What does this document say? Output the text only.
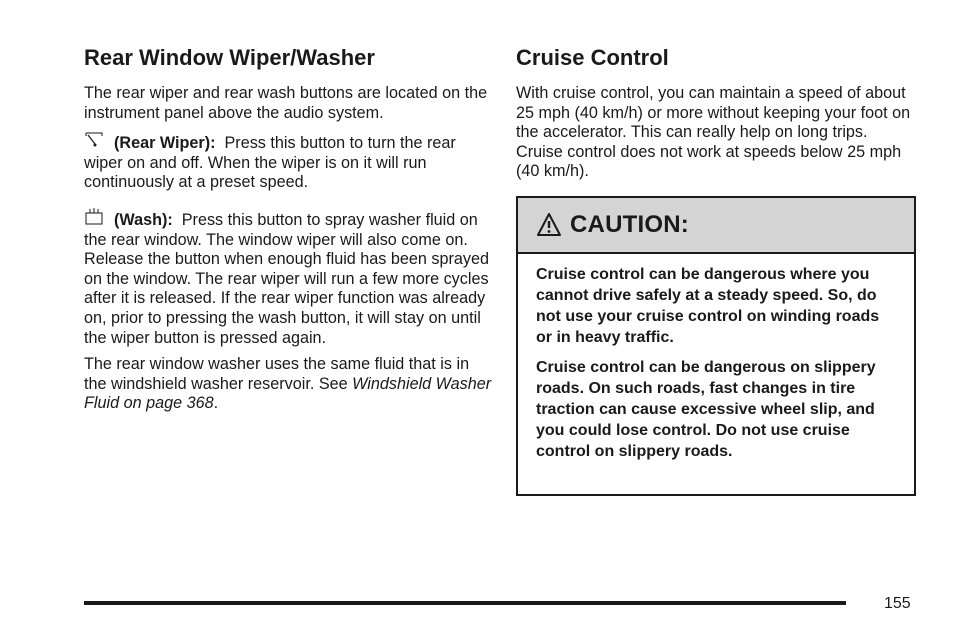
Rear Window Wiper/Washer

The rear wiper and rear wash buttons are located on the instrument panel above the audio system.

(Rear Wiper): Press this button to turn the rear wiper on and off. When the wiper is on it will run continuously at a preset speed.

(Wash): Press this button to spray washer fluid on the rear window. The window wiper will also come on. Release the button when enough fluid has been sprayed on the window. The rear wiper will run a few more cycles after it is released. If the rear wiper function was already on, prior to pressing the wash button, it will stay on until the wiper button is pressed again.

The rear window washer uses the same fluid that is in the windshield washer reservoir. See Windshield Washer Fluid on page 368.

Cruise Control

With cruise control, you can maintain a speed of about 25 mph (40 km/h) or more without keeping your foot on the accelerator. This can really help on long trips. Cruise control does not work at speeds below 25 mph (40 km/h).

CAUTION:

Cruise control can be dangerous where you cannot drive safely at a steady speed. So, do not use your cruise control on winding roads or in heavy traffic.

Cruise control can be dangerous on slippery roads. On such roads, fast changes in tire traction can cause excessive wheel slip, and you could lose control. Do not use cruise control on slippery roads.

155
